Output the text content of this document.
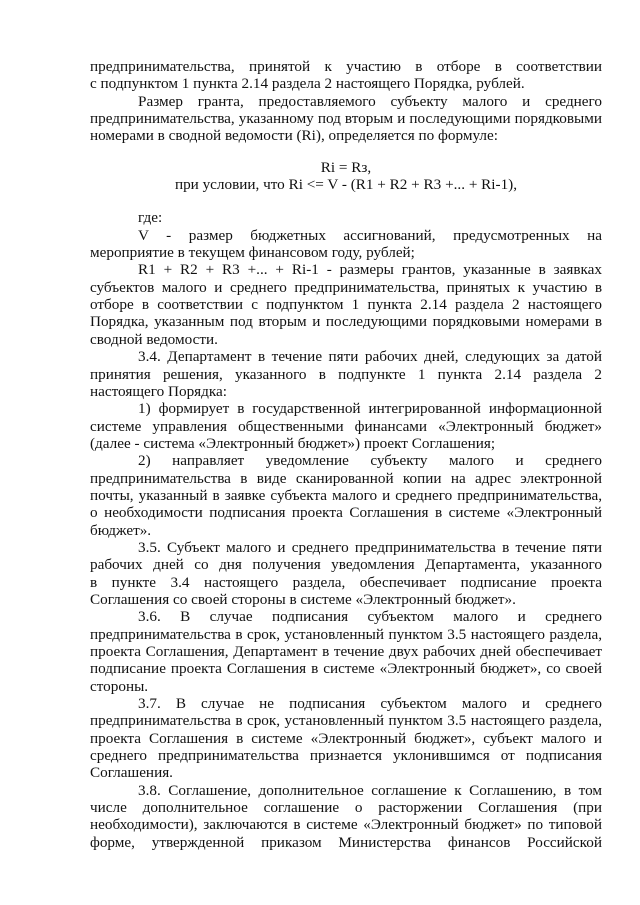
предпринимательства, принятой к участию в отборе в соответствии
с подпунктом 1 пункта 2.14 раздела 2 настоящего Порядка, рублей.
Размер гранта, предоставляемого субъекту малого и среднего
предпринимательства, указанному под вторым и последующими порядковыми
номерами в сводной ведомости (Ri), определяется по формуле:
Ri = Rз,
при условии, что Ri <= V - (R1 + R2 + R3 +... + Ri-1),
где:
V - размер бюджетных ассигнований, предусмотренных на
мероприятие в текущем финансовом году, рублей;
R1 + R2 + R3 +... + Ri-1 - размеры грантов, указанные в заявках
субъектов малого и среднего предпринимательства, принятых к участию в
отборе в соответствии с подпунктом 1 пункта 2.14 раздела 2 настоящего
Порядка, указанным под вторым и последующими порядковыми номерами в
сводной ведомости.
3.4. Департамент в течение пяти рабочих дней, следующих за датой
принятия решения, указанного в подпункте 1 пункта 2.14 раздела 2
настоящего Порядка:
1) формирует в государственной интегрированной информационной
системе управления общественными финансами «Электронный бюджет»
(далее - система «Электронный бюджет») проект Соглашения;
2) направляет уведомление субъекту малого и среднего
предпринимательства в виде сканированной копии на адрес электронной
почты, указанный в заявке субъекта малого и среднего предпринимательства,
о необходимости подписания проекта Соглашения в системе «Электронный
бюджет».
3.5. Субъект малого и среднего предпринимательства в течение пяти
рабочих дней со дня получения уведомления Департамента, указанного
в пункте 3.4 настоящего раздела, обеспечивает подписание проекта
Соглашения со своей стороны в системе «Электронный бюджет».
3.6. В случае подписания субъектом малого и среднего
предпринимательства в срок, установленный пунктом 3.5 настоящего раздела,
проекта Соглашения, Департамент в течение двух рабочих дней обеспечивает
подписание проекта Соглашения в системе «Электронный бюджет», со своей
стороны.
3.7. В случае не подписания субъектом малого и среднего
предпринимательства в срок, установленный пунктом 3.5 настоящего раздела,
проекта Соглашения в системе «Электронный бюджет», субъект малого и
среднего предпринимательства признается уклонившимся от подписания
Соглашения.
3.8. Соглашение, дополнительное соглашение к Соглашению, в том
числе дополнительное соглашение о расторжении Соглашения (при
необходимости), заключаются в системе «Электронный бюджет» по типовой
форме, утвержденной приказом Министерства финансов Российской
